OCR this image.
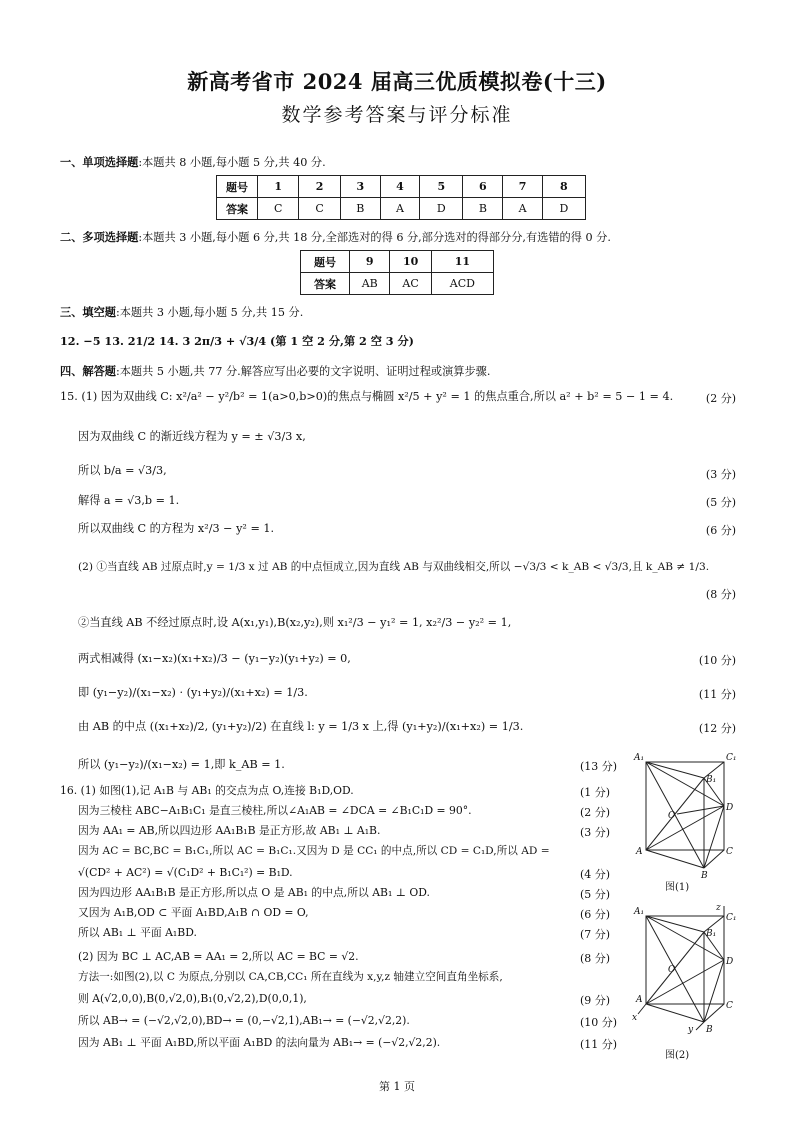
新高考省市 2024 届高三优质模拟卷(十三)
数学参考答案与评分标准
一、单项选择题:本题共 8 小题,每小题 5 分,共 40 分.
题号	1	2	3	4	5	6	7	8
答案	C	C	B	A	D	B	A	D
二、多项选择题:本题共 3 小题,每小题 6 分,共 18 分,全部选对的得 6 分,部分选对的得部分分,有选错的得 0 分.
题号	9	10	11
答案	AB	AC	ACD
三、填空题:本题共 3 小题,每小题 5 分,共 15 分.
12. −5 13. 21/2 14. 3 2π/3 + √3/4 (第 1 空 2 分,第 2 空 3 分)
四、解答题:本题共 5 小题,共 77 分.解答应写出必要的文字说明、证明过程或演算步骤.
15. (1) 因为双曲线 C: x²/a² − y²/b² = 1(a>0,b>0)的焦点与椭圆 x²/5 + y² = 1 的焦点重合,所以 a² + b² = 5 − 1 = 4.	(2 分)
因为双曲线 C 的渐近线方程为 y = ± √3/3 x,
所以 b/a = √3/3,	(3 分)
解得 a = √3,b = 1.	(5 分)
所以双曲线 C 的方程为 x²/3 − y² = 1.	(6 分)
(2) ①当直线 AB 过原点时,y = 1/3 x 过 AB 的中点恒成立,因为直线 AB 与双曲线相交,所以 −√3/3 < k_AB < √3/3,且 k_AB ≠ 1/3.
(8 分)
②当直线 AB 不经过原点时,设 A(x₁,y₁),B(x₂,y₂),则 x₁²/3 − y₁² = 1, x₂²/3 − y₂² = 1,
两式相减得 (x₁−x₂)(x₁+x₂)/3 − (y₁−y₂)(y₁+y₂) = 0,	(10 分)
即 (y₁−y₂)/(x₁−x₂) · (y₁+y₂)/(x₁+x₂) = 1/3.	(11 分)
由 AB 的中点 ((x₁+x₂)/2, (y₁+y₂)/2) 在直线 l: y = 1/3 x 上,得 (y₁+y₂)/(x₁+x₂) = 1/3.	(12 分)
所以 (y₁−y₂)/(x₁−x₂) = 1,即 k_AB = 1.	(13 分)
16. (1) 如图(1),记 A₁B 与 AB₁ 的交点为点 O,连接 B₁D,OD.	(1 分)
因为三棱柱 ABC−A₁B₁C₁ 是直三棱柱,所以∠A₁AB = ∠DCA = ∠B₁C₁D = 90°.	(2 分)
因为 AA₁ = AB,所以四边形 AA₁B₁B 是正方形,故 AB₁ ⊥ A₁B.	(3 分)
因为 AC = BC,BC = B₁C₁,所以 AC = B₁C₁.又因为 D 是 CC₁ 的中点,所以 CD = C₁D,所以 AD =
√(CD² + AC²) = √(C₁D² + B₁C₁²) = B₁D.	(4 分)
因为四边形 AA₁B₁B 是正方形,所以点 O 是 AB₁ 的中点,所以 AB₁ ⊥ OD.	(5 分)
又因为 A₁B,OD ⊂ 平面 A₁BD,A₁B ∩ OD = O,	(6 分)
所以 AB₁ ⊥ 平面 A₁BD.	(7 分)
(2) 因为 BC ⊥ AC,AB = AA₁ = 2,所以 AC = BC = √2.	(8 分)
方法一:如图(2),以 C 为原点,分别以 CA,CB,CC₁ 所在直线为 x,y,z 轴建立空间直角坐标系,
则 A(√2,0,0),B(0,√2,0),B₁(0,√2,2),D(0,0,1),	(9 分)
所以 AB→ = (−√2,√2,0),BD→ = (0,−√2,1),AB₁→ = (−√2,√2,2).	(10 分)
因为 AB₁ ⊥ 平面 A₁BD,所以平面 A₁BD 的法向量为 AB₁→ = (−√2,√2,2).	(11 分)
A₁	C₁
B₁
D
O
A	C
B
图(1)
A₁	z
C₁
B₁
D
O
A
C
x
y B
图(2)
第 1 页
